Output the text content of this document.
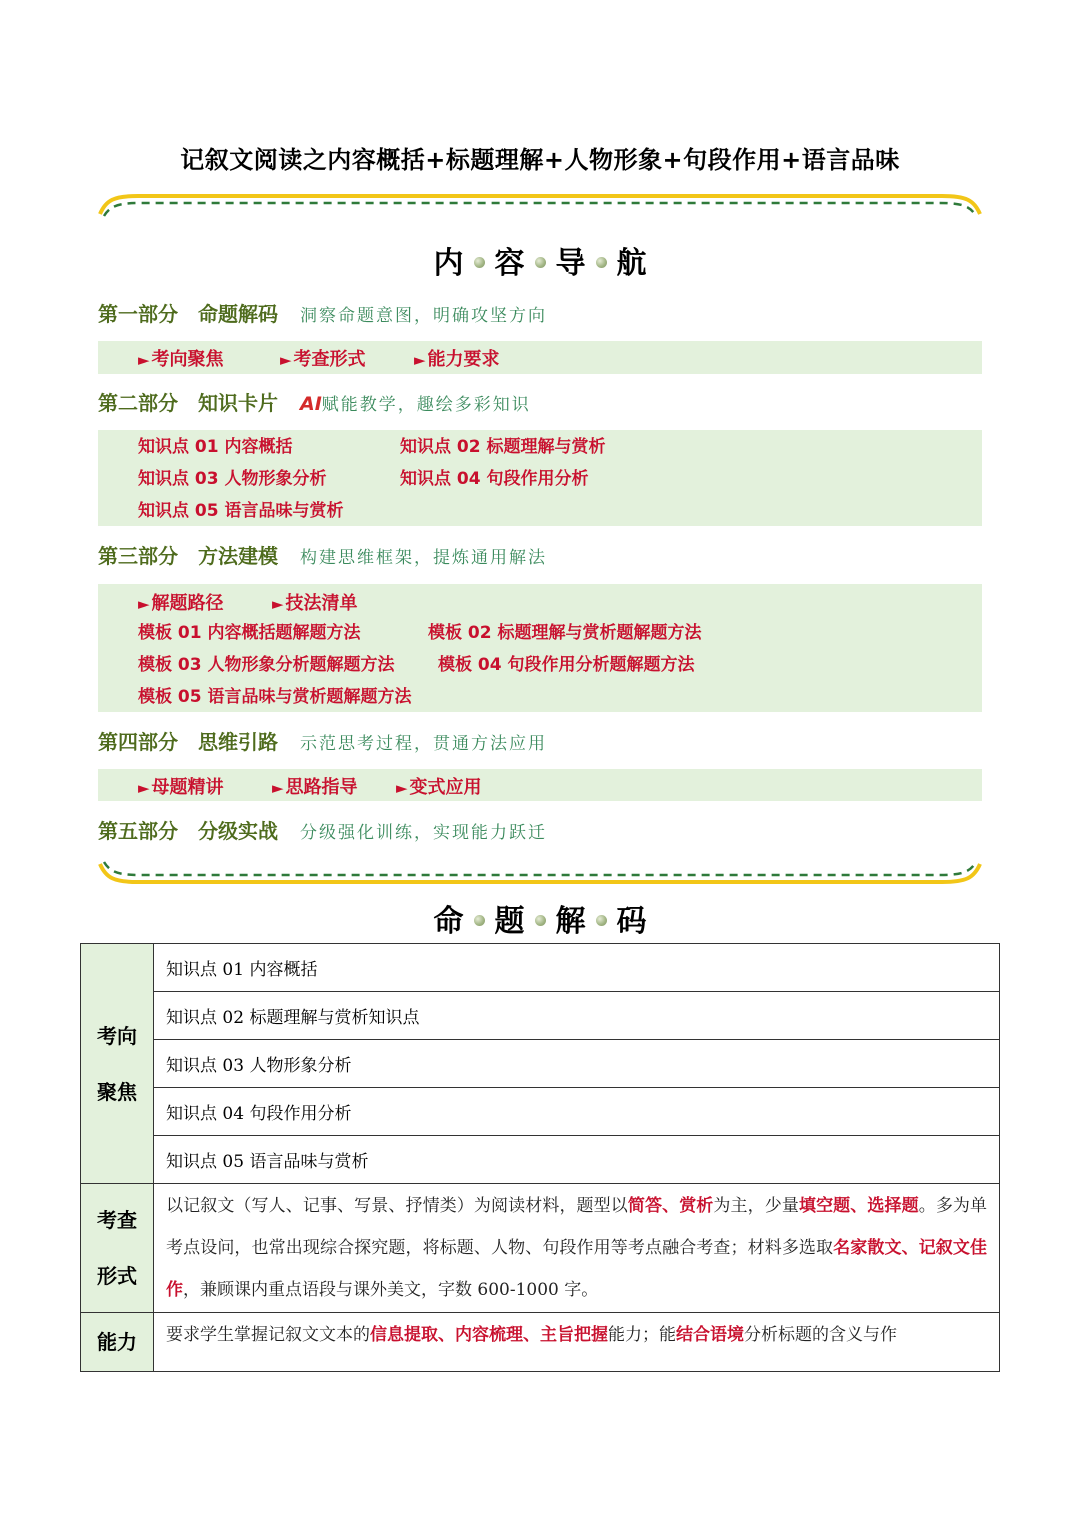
记叙文阅读之内容概括+标题理解+人物形象+句段作用+语言品味
内 容 导 航
第一部分 命题解码 洞察命题意图，明确攻坚方向
► 考向聚焦	► 考查形式	► 能力要求
第二部分 知识卡片 AI赋能教学，趣绘多彩知识
知识点 01 内容概括	知识点 02 标题理解与赏析
知识点 03 人物形象分析	知识点 04 句段作用分析
知识点 05 语言品味与赏析
第三部分 方法建模 构建思维框架，提炼通用解法
► 解题路径	► 技法清单
模板 01 内容概括题解题方法	模板 02 标题理解与赏析题解题方法
模板 03 人物形象分析题解题方法	模板 04 句段作用分析题解题方法
模板 05 语言品味与赏析题解题方法
第四部分 思维引路 示范思考过程，贯通方法应用
► 母题精讲	► 思路指导	► 变式应用
第五部分 分级实战 分级强化训练，实现能力跃迁
命 题 解 码
考向
聚焦	知识点 01 内容概括
	知识点 02 标题理解与赏析知识点
	知识点 03 人物形象分析
	知识点 04 句段作用分析
	知识点 05 语言品味与赏析
考查
形式	以记叙文（写人、记事、写景、抒情类）为阅读材料，题型以简答、赏析为主，少量填空题、选择题。多为单考点设问，也常出现综合探究题，将标题、人物、句段作用等考点融合考查；材料多选取名家散文、记叙文佳作，兼顾课内重点语段与课外美文，字数 600-1000 字。
能力	要求学生掌握记叙文文本的信息提取、内容梳理、主旨把握能力；能结合语境分析标题的含义与作
